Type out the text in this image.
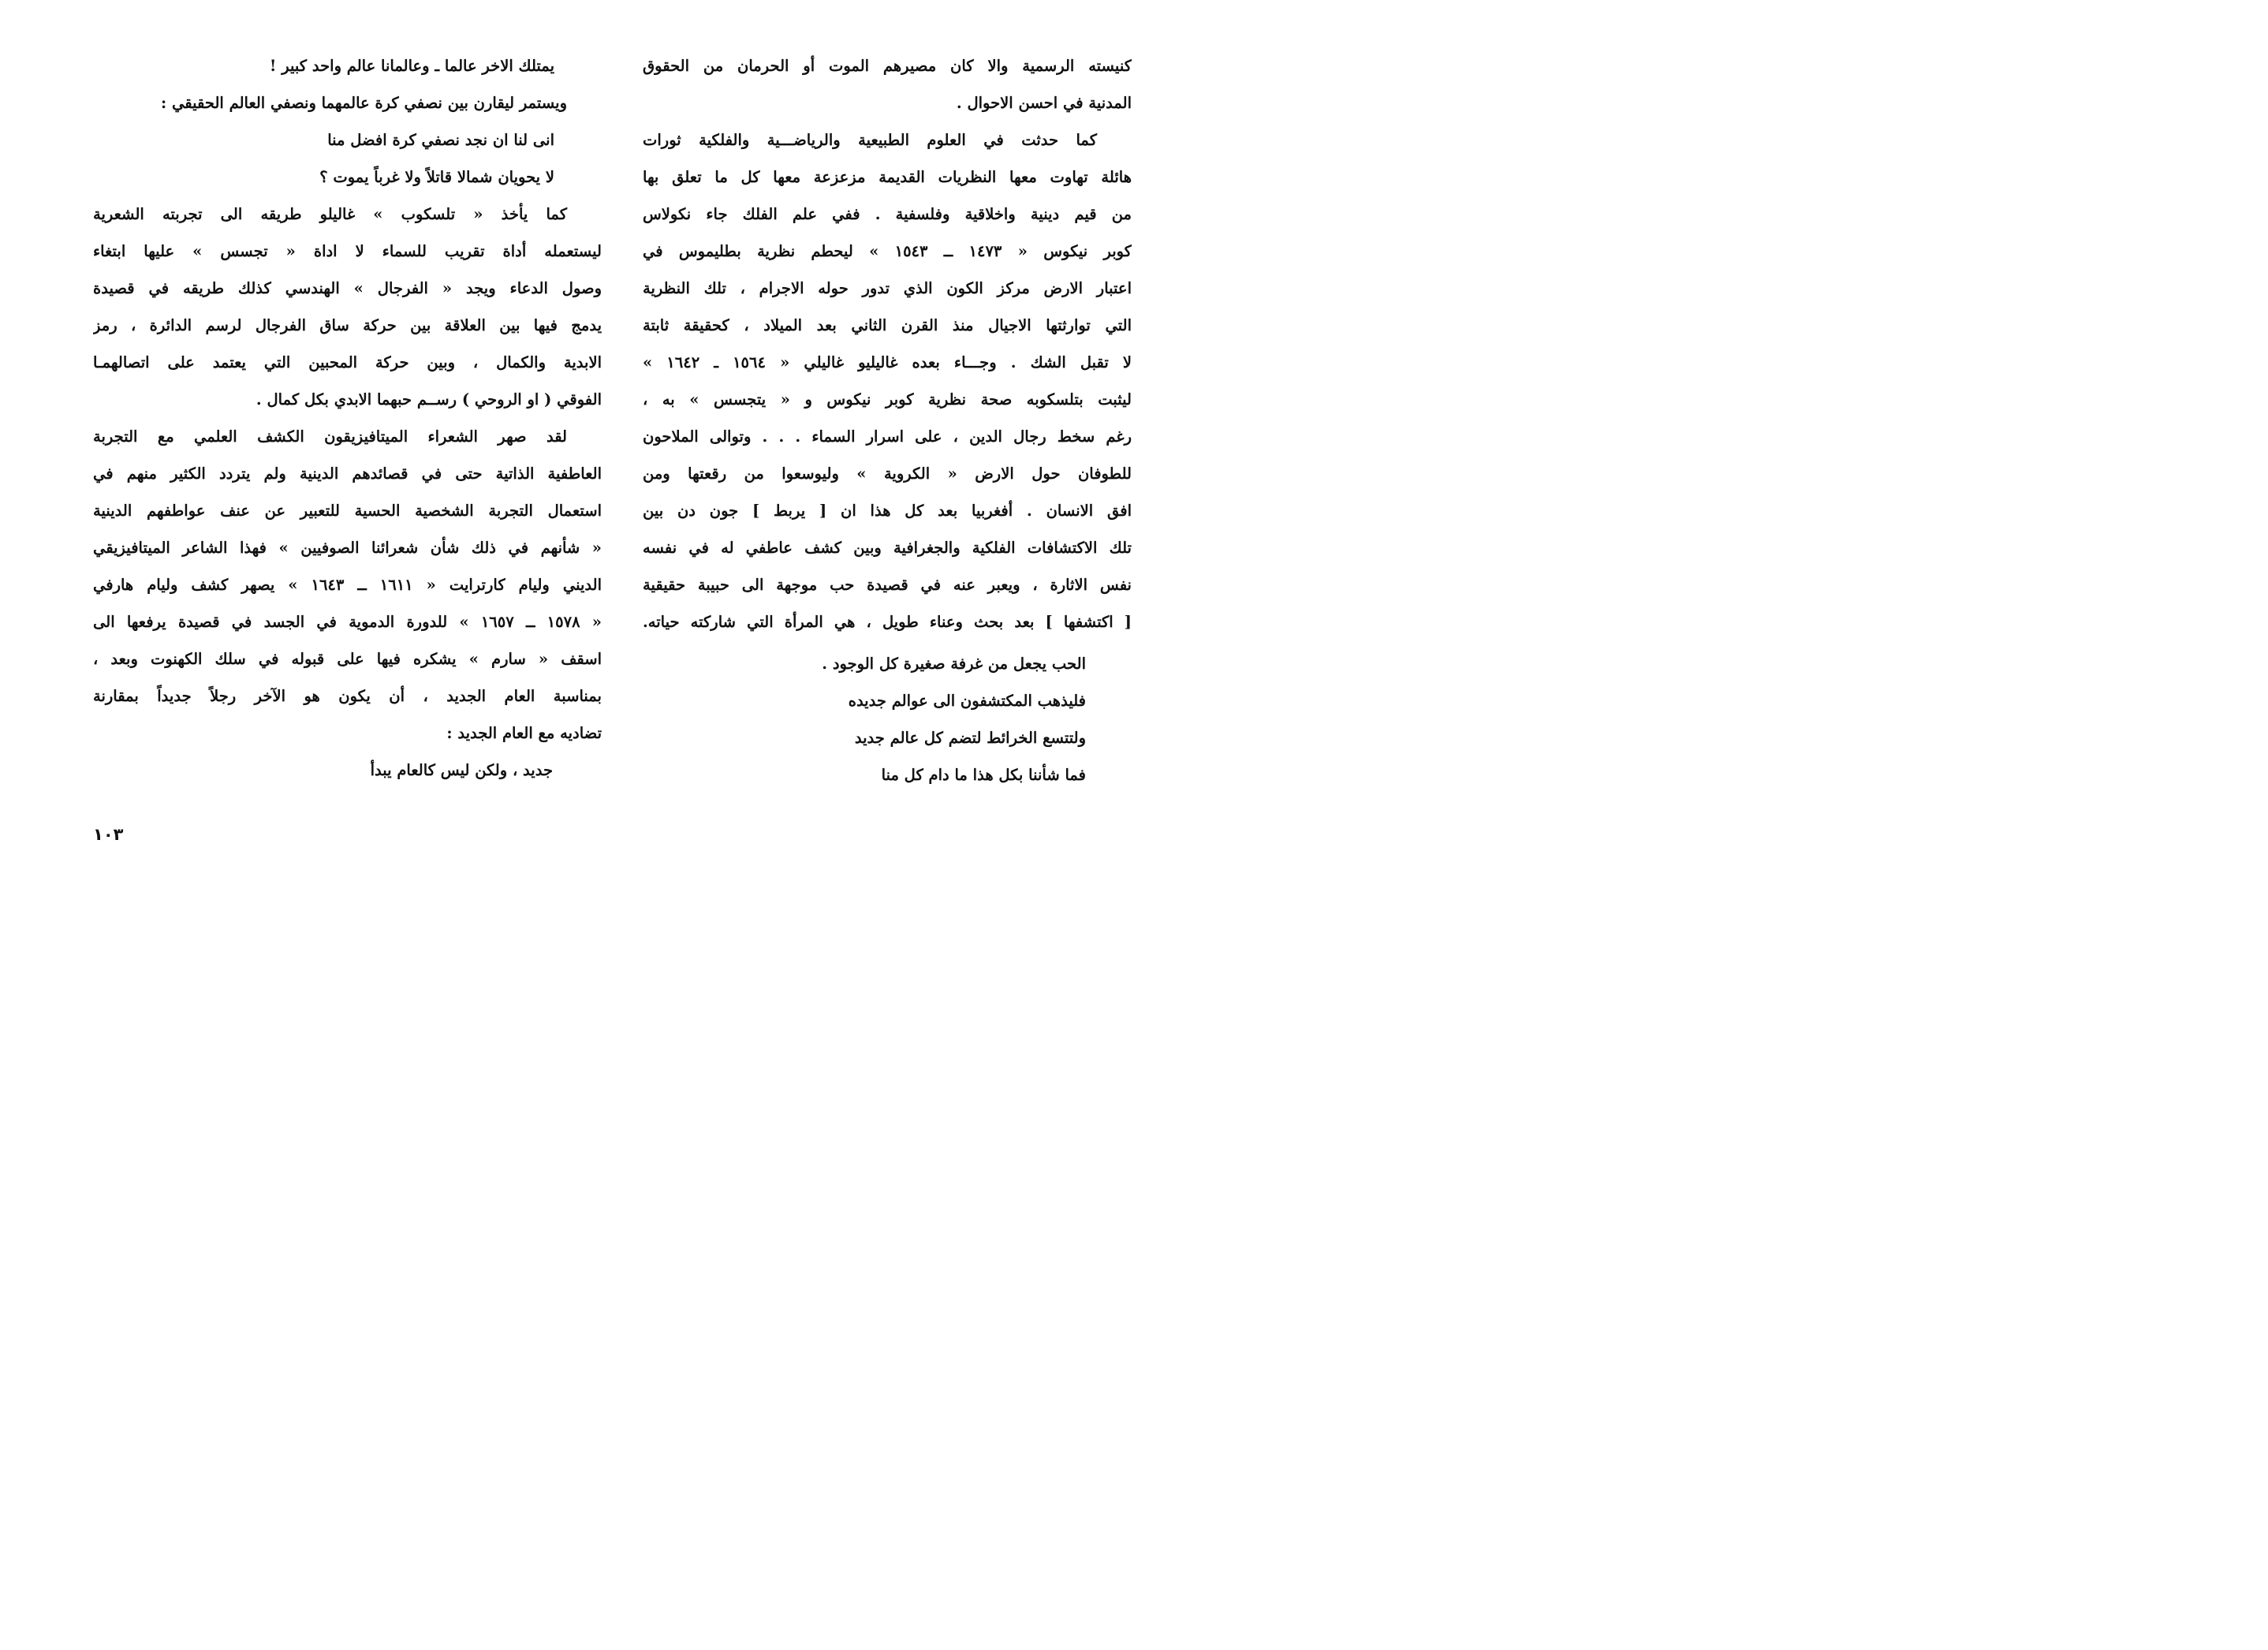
كنيسته الرسمية والا كان مصيرهم الموت أو الحرمان من الحقوق
المدنية في احسن الاحوال .
كما حدثت في العلوم الطبيعية والرياضـــية والفلكية ثورات
هائلة تهاوت معها النظريات القديمة مزعزعة معها كل ما تعلق بها
من قيم دينية واخلاقية وفلسفية . ففي علم الفلك جاء نكولاس
كوبر نيكوس « ١٤٧٣ ــ ١٥٤٣ » ليحطم نظرية بطليموس في
اعتبار الارض مركز الكون الذي تدور حوله الاجرام ، تلك النظرية
التي توارثتها الاجيال منذ القرن الثاني بعد الميلاد ، كحقيقة ثابتة
لا تقبل الشك . وجـــاء بعده غاليليو غاليلي « ١٥٦٤ ـ ١٦٤٢ »
ليثبت بتلسكوبه صحة نظرية كوبر نيكوس و « يتجسس » به ،
رغم سخط رجال الدين ، على اسرار السماء . . . وتوالى الملاحون
للطوفان حول الارض « الكروية » وليوسعوا من رقعتها ومن
افق الانسان . أفغربيا بعد كل هذا ان [ يربط ] جون دن بين
تلك الاكتشافات الفلكية والجغرافية وبين كشف عاطفي له في نفسه
نفس الاثارة ، ويعبر عنه في قصيدة حب موجهة الى حبيبة حقيقية
[ اكتشفها ] بعد بحث وعناء طويل ، هي المرأة التي شاركته حياته.
الحب يجعل من غرفة صغيرة كل الوجود .
فليذهب المكتشفون الى عوالم جديده
ولتتسع الخرائط لتضم كل عالم جديد
فما شأننا بكل هذا ما دام كل منا
يمتلك الاخر عالما ـ وعالمانا عالم واحد كبير !
ويستمر ليقارن بين نصفي كرة عالمهما ونصفي العالم الحقيقي :
انى لنا ان نجد نصفي كرة افضل منا
لا يحويان شمالا قاتلاً ولا غرباً يموت ؟
كما يأخذ « تلسكوب » غاليلو طريقه الى تجربته الشعرية
ليستعمله أداة تقريب للسماء لا اداة « تجسس » عليها ابتغاء
وصول الدعاء ويجد « الفرجال » الهندسي كذلك طريقه في قصيدة
يدمج فيها بين العلاقة بين حركة ساق الفرجال لرسم الدائرة ، رمز
الابدية والكمال ، وبين حركة المحبين التي يعتمد على اتصالهمـا
الفوقي ( او الروحي ) رســم حبهما الابدي بكل كمال .
لقد صهر الشعراء الميتافيزيقون الكشف العلمي مع التجربة
العاطفية الذاتية حتى في قصائدهم الدينية ولم يتردد الكثير منهم في
استعمال التجربة الشخصية الحسية للتعبير عن عنف عواطفهم الدينية
« شأنهم في ذلك شأن شعرائنا الصوفيين » فهذا الشاعر الميتافيزيقي
الديني وليام كارترايت « ١٦١١ ــ ١٦٤٣ » يصهر كشف وليام هارفي
« ١٥٧٨ ــ ١٦٥٧ » للدورة الدموية في الجسد في قصيدة يرفعها الى
اسقف « سارم » يشكره فيها على قبوله في سلك الكهنوت وبعد ،
بمناسبة العام الجديد ، أن يكون هو الآخر رجلاً جديداً بمقارنة
تضاديه مع العام الجديد :
جديد ، ولكن ليس كالعام يبدأ
١٠٣
